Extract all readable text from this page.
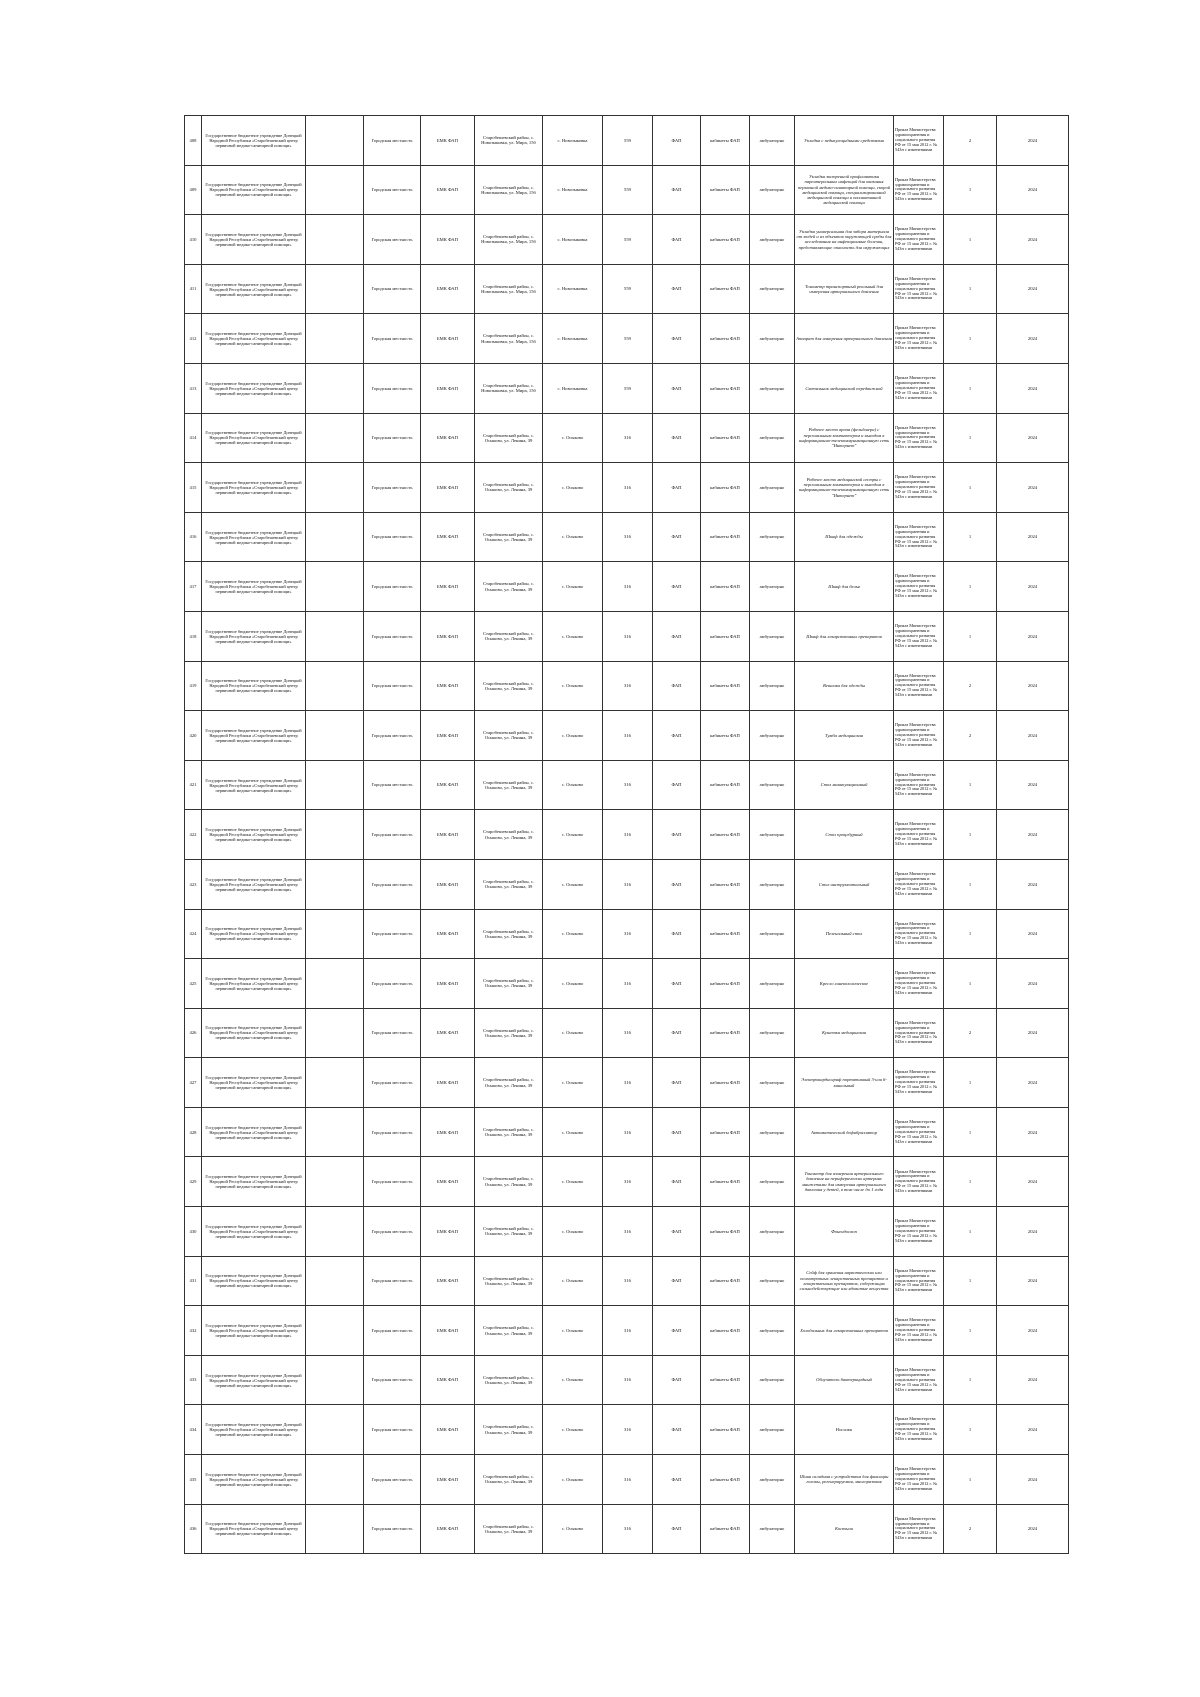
408	Государственное бюджетное учреждение Донецкой Народной Республики «Старобешевский центр первичной медико-санитарной помощи»		Городская местность	БМК ФАП	Старобешевский район, с. Новозыковка, ул. Мира, 15б	с. Новозыковка	559	ФАП	кабинеты ФАП	амбулаторно	Укладка с педикулоцидными средствами	Приказ Министерства здравоохранения и социального развития РФ от 15 мая 2012 г. № 543н с изменениями	2	2024
409	Государственное бюджетное учреждение Донецкой Народной Республики «Старобешевский центр первичной медико-санитарной помощи»		Городская местность	БМК ФАП	Старобешевский район, с. Новозыковка, ул. Мира, 15б	с. Новозыковка	559	ФАП	кабинеты ФАП	амбулаторно	Укладка экстренной профилактики парентеральных инфекций для оказания первичной медико-санитарной помощи, скорой медицинской помощи, специализированной медицинской помощи и паллиативной медицинской помощи	Приказ Министерства здравоохранения и социального развития РФ от 15 мая 2012 г. № 543н с изменениями	1	2024
410	Государственное бюджетное учреждение Донецкой Народной Республики «Старобешевский центр первичной медико-санитарной помощи»		Городская местность	БМК ФАП	Старобешевский район, с. Новозыковка, ул. Мира, 15б	с. Новозыковка	559	ФАП	кабинеты ФАП	амбулаторно	Укладка универсальная для забора материала от людей и из объектов окружающей среды для исследования на инфекционные болезни, представляющие опасность для окружающих	Приказ Министерства здравоохранения и социального развития РФ от 15 мая 2012 г. № 543н с изменениями	1	2024
411	Государственное бюджетное учреждение Донецкой Народной Республики «Старобешевский центр первичной медико-санитарной помощи»		Городская местность	БМК ФАП	Старобешевский район, с. Новозыковка, ул. Мира, 15б	с. Новозыковка	559	ФАП	кабинеты ФАП	амбулаторно	Тонометр транспортный реальный для измерения артериального давления	Приказ Министерства здравоохранения и социального развития РФ от 15 мая 2012 г. № 543н с изменениями	1	2024
412	Государственное бюджетное учреждение Донецкой Народной Республики «Старобешевский центр первичной медико-санитарной помощи»		Городская местность	БМК ФАП	Старобешевский район, с. Новозыковка, ул. Мира, 15б	с. Новозыковка	559	ФАП	кабинеты ФАП	амбулаторно	Аппарат для измерения артериального давления	Приказ Министерства здравоохранения и социального развития РФ от 15 мая 2012 г. № 543н с изменениями	1	2024
413	Государственное бюджетное учреждение Донецкой Народной Республики «Старобешевский центр первичной медико-санитарной помощи»		Городская местность	БМК ФАП	Старобешевский район, с. Новозыковка, ул. Мира, 15б	с. Новозыковка	559	ФАП	кабинеты ФАП	амбулаторно	Светильник медицинский передвижной	Приказ Министерства здравоохранения и социального развития РФ от 15 мая 2012 г. № 543н с изменениями	1	2024
414	Государственное бюджетное учреждение Донецкой Народной Республики «Старобешевский центр первичной медико-санитарной помощи»		Городская местность	БМК ФАП	Старобешевский район, с. Осыково, ул. Ленина, 39	с. Осыково	316	ФАП	кабинеты ФАП	амбулаторно	Рабочее место врача (фельдшера) с персональным компьютером и выходом в информационно-телекоммуникационную сеть "Интернет"	Приказ Министерства здравоохранения и социального развития РФ от 15 мая 2012 г. № 543н с изменениями	1	2024
415	Государственное бюджетное учреждение Донецкой Народной Республики «Старобешевский центр первичной медико-санитарной помощи»		Городская местность	БМК ФАП	Старобешевский район, с. Осыково, ул. Ленина, 39	с. Осыково	316	ФАП	кабинеты ФАП	амбулаторно	Рабочее место медицинской сестры с персональным компьютером и выходом в информационно-телекоммуникационную сеть "Интернет"	Приказ Министерства здравоохранения и социального развития РФ от 15 мая 2012 г. № 543н с изменениями	1	2024
416	Государственное бюджетное учреждение Донецкой Народной Республики «Старобешевский центр первичной медико-санитарной помощи»		Городская местность	БМК ФАП	Старобешевский район, с. Осыково, ул. Ленина, 39	с. Осыково	316	ФАП	кабинеты ФАП	амбулаторно	Шкаф для одежды	Приказ Министерства здравоохранения и социального развития РФ от 15 мая 2012 г. № 543н с изменениями	1	2024
417	Государственное бюджетное учреждение Донецкой Народной Республики «Старобешевский центр первичной медико-санитарной помощи»		Городская местность	БМК ФАП	Старобешевский район, с. Осыково, ул. Ленина, 39	с. Осыково	316	ФАП	кабинеты ФАП	амбулаторно	Шкаф для белья	Приказ Министерства здравоохранения и социального развития РФ от 15 мая 2012 г. № 543н с изменениями	1	2024
418	Государственное бюджетное учреждение Донецкой Народной Республики «Старобешевский центр первичной медико-санитарной помощи»		Городская местность	БМК ФАП	Старобешевский район, с. Осыково, ул. Ленина, 39	с. Осыково	316	ФАП	кабинеты ФАП	амбулаторно	Шкаф для лекарственных препаратов	Приказ Министерства здравоохранения и социального развития РФ от 15 мая 2012 г. № 543н с изменениями	1	2024
419	Государственное бюджетное учреждение Донецкой Народной Республики «Старобешевский центр первичной медико-санитарной помощи»		Городская местность	БМК ФАП	Старобешевский район, с. Осыково, ул. Ленина, 39	с. Осыково	316	ФАП	кабинеты ФАП	амбулаторно	Вешалка для одежды	Приказ Министерства здравоохранения и социального развития РФ от 15 мая 2012 г. № 543н с изменениями	2	2024
420	Государственное бюджетное учреждение Донецкой Народной Республики «Старобешевский центр первичной медико-санитарной помощи»		Городская местность	БМК ФАП	Старобешевский район, с. Осыково, ул. Ленина, 39	с. Осыково	316	ФАП	кабинеты ФАП	амбулаторно	Тумба медицинская	Приказ Министерства здравоохранения и социального развития РФ от 15 мая 2012 г. № 543н с изменениями	2	2024
421	Государственное бюджетное учреждение Донецкой Народной Республики «Старобешевский центр первичной медико-санитарной помощи»		Городская местность	БМК ФАП	Старобешевский район, с. Осыково, ул. Ленина, 39	с. Осыково	316	ФАП	кабинеты ФАП	амбулаторно	Стол манипуляционный	Приказ Министерства здравоохранения и социального развития РФ от 15 мая 2012 г. № 543н с изменениями	1	2024
422	Государственное бюджетное учреждение Донецкой Народной Республики «Старобешевский центр первичной медико-санитарной помощи»		Городская местность	БМК ФАП	Старобешевский район, с. Осыково, ул. Ленина, 39	с. Осыково	316	ФАП	кабинеты ФАП	амбулаторно	Стол процедурный	Приказ Министерства здравоохранения и социального развития РФ от 15 мая 2012 г. № 543н с изменениями	1	2024
423	Государственное бюджетное учреждение Донецкой Народной Республики «Старобешевский центр первичной медико-санитарной помощи»		Городская местность	БМК ФАП	Старобешевский район, с. Осыково, ул. Ленина, 39	с. Осыково	316	ФАП	кабинеты ФАП	амбулаторно	Стол инструментальный	Приказ Министерства здравоохранения и социального развития РФ от 15 мая 2012 г. № 543н с изменениями	1	2024
424	Государственное бюджетное учреждение Донецкой Народной Республики «Старобешевский центр первичной медико-санитарной помощи»		Городская местность	БМК ФАП	Старобешевский район, с. Осыково, ул. Ленина, 39	с. Осыково	316	ФАП	кабинеты ФАП	амбулаторно	Пеленальный стол	Приказ Министерства здравоохранения и социального развития РФ от 15 мая 2012 г. № 543н с изменениями	1	2024
425	Государственное бюджетное учреждение Донецкой Народной Республики «Старобешевский центр первичной медико-санитарной помощи»		Городская местность	БМК ФАП	Старобешевский район, с. Осыково, ул. Ленина, 39	с. Осыково	316	ФАП	кабинеты ФАП	амбулаторно	Кресло гинекологическое	Приказ Министерства здравоохранения и социального развития РФ от 15 мая 2012 г. № 543н с изменениями	1	2024
426	Государственное бюджетное учреждение Донецкой Народной Республики «Старобешевский центр первичной медико-санитарной помощи»		Городская местность	БМК ФАП	Старобешевский район, с. Осыково, ул. Ленина, 39	с. Осыково	316	ФАП	кабинеты ФАП	амбулаторно	Кушетка медицинская	Приказ Министерства здравоохранения и социального развития РФ от 15 мая 2012 г. № 543н с изменениями	2	2024
427	Государственное бюджетное учреждение Донецкой Народной Республики «Старобешевский центр первичной медико-санитарной помощи»		Городская местность	БМК ФАП	Старобешевский район, с. Осыково, ул. Ленина, 39	с. Осыково	316	ФАП	кабинеты ФАП	амбулаторно	Электрокардиограф портативный 3-или 6-канальный	Приказ Министерства здравоохранения и социального развития РФ от 15 мая 2012 г. № 543н с изменениями	1	2024
428	Государственное бюджетное учреждение Донецкой Народной Республики «Старобешевский центр первичной медико-санитарной помощи»		Городская местность	БМК ФАП	Старобешевский район, с. Осыково, ул. Ленина, 39	с. Осыково	316	ФАП	кабинеты ФАП	амбулаторно	Автоматический дефибриллятор	Приказ Министерства здравоохранения и социального развития РФ от 15 мая 2012 г. № 543н с изменениями	1	2024
429	Государственное бюджетное учреждение Донецкой Народной Республики «Старобешевский центр первичной медико-санитарной помощи»		Городская местность	БМК ФАП	Старобешевский район, с. Осыково, ул. Ленина, 39	с. Осыково	316	ФАП	кабинеты ФАП	амбулаторно	Тонометр для измерения артериального давления на периферических артериях манжетами для измерения артериального давления у детей, в том числе до 1 года	Приказ Министерства здравоохранения и социального развития РФ от 15 мая 2012 г. № 543н с изменениями	1	2024
430	Государственное бюджетное учреждение Донецкой Народной Республики «Старобешевский центр первичной медико-санитарной помощи»		Городская местность	БМК ФАП	Старобешевский район, с. Осыково, ул. Ленина, 39	с. Осыково	316	ФАП	кабинеты ФАП	амбулаторно	Фонендоскоп	Приказ Министерства здравоохранения и социального развития РФ от 15 мая 2012 г. № 543н с изменениями	1	2024
431	Государственное бюджетное учреждение Донецкой Народной Республики «Старобешевский центр первичной медико-санитарной помощи»		Городская местность	БМК ФАП	Старобешевский район, с. Осыково, ул. Ленина, 39	с. Осыково	316	ФАП	кабинеты ФАП	амбулаторно	Сейф для хранения наркотических или психотропных лекарственных препаратов и лекарственных препаратов, содержащих сильнодействующие или ядовитые вещества	Приказ Министерства здравоохранения и социального развития РФ от 15 мая 2012 г. № 543н с изменениями	1	2024
432	Государственное бюджетное учреждение Донецкой Народной Республики «Старобешевский центр первичной медико-санитарной помощи»		Городская местность	БМК ФАП	Старобешевский район, с. Осыково, ул. Ленина, 39	с. Осыково	316	ФАП	кабинеты ФАП	амбулаторно	Холодильник для лекарственных препаратов	Приказ Министерства здравоохранения и социального развития РФ от 15 мая 2012 г. № 543н с изменениями	1	2024
433	Государственное бюджетное учреждение Донецкой Народной Республики «Старобешевский центр первичной медико-санитарной помощи»		Городская местность	БМК ФАП	Старобешевский район, с. Осыково, ул. Ленина, 39	с. Осыково	316	ФАП	кабинеты ФАП	амбулаторно	Облучатель бактерицидный	Приказ Министерства здравоохранения и социального развития РФ от 15 мая 2012 г. № 543н с изменениями	1	2024
434	Государственное бюджетное учреждение Донецкой Народной Республики «Старобешевский центр первичной медико-санитарной помощи»		Городская местность	БМК ФАП	Старобешевский район, с. Осыково, ул. Ленина, 39	с. Осыково	316	ФАП	кабинеты ФАП	амбулаторно	Носилки	Приказ Министерства здравоохранения и социального развития РФ от 15 мая 2012 г. № 543н с изменениями	1	2024
435	Государственное бюджетное учреждение Донецкой Народной Республики «Старобешевский центр первичной медико-санитарной помощи»		Городская местность	БМК ФАП	Старобешевский район, с. Осыково, ул. Ленина, 39	с. Осыково	316	ФАП	кабинеты ФАП	амбулаторно	Шина складная с устройством для фиксации головы, регенерируемая, многоразовая	Приказ Министерства здравоохранения и социального развития РФ от 15 мая 2012 г. № 543н с изменениями	1	2024
436	Государственное бюджетное учреждение Донецкой Народной Республики «Старобешевский центр первичной медико-санитарной помощи»		Городская местность	БМК ФАП	Старобешевский район, с. Осыково, ул. Ленина, 39	с. Осыково	316	ФАП	кабинеты ФАП	амбулаторно	Костыли	Приказ Министерства здравоохранения и социального развития РФ от 15 мая 2012 г. № 543н с изменениями	2	2024
